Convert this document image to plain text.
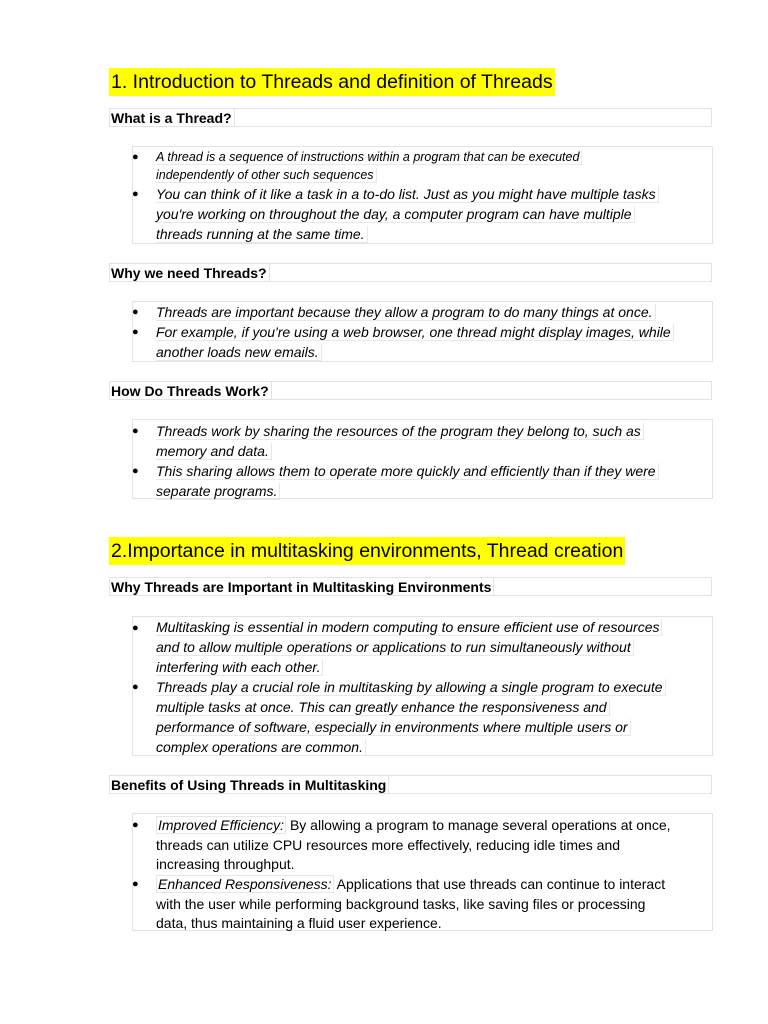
1. Introduction to Threads and definition of Threads
What is a Thread?
● A thread is a sequence of instructions within a program that can be executed
independently of other such sequences
● You can think of it like a task in a to-do list. Just as you might have multiple tasks
you're working on throughout the day, a computer program can have multiple
threads running at the same time.
Why we need Threads?
● Threads are important because they allow a program to do many things at once.
● For example, if you're using a web browser, one thread might display images, while
another loads new emails.
How Do Threads Work?
● Threads work by sharing the resources of the program they belong to, such as
memory and data.
● This sharing allows them to operate more quickly and efficiently than if they were
separate programs.
2.Importance in multitasking environments, Thread creation
Why Threads are Important in Multitasking Environments
● Multitasking is essential in modern computing to ensure efficient use of resources
and to allow multiple operations or applications to run simultaneously without
interfering with each other.
● Threads play a crucial role in multitasking by allowing a single program to execute
multiple tasks at once. This can greatly enhance the responsiveness and
performance of software, especially in environments where multiple users or
complex operations are common.
Benefits of Using Threads in Multitasking
● Improved Efficiency: By allowing a program to manage several operations at once,
threads can utilize CPU resources more effectively, reducing idle times and
increasing throughput.
● Enhanced Responsiveness: Applications that use threads can continue to interact
with the user while performing background tasks, like saving files or processing
data, thus maintaining a fluid user experience.
